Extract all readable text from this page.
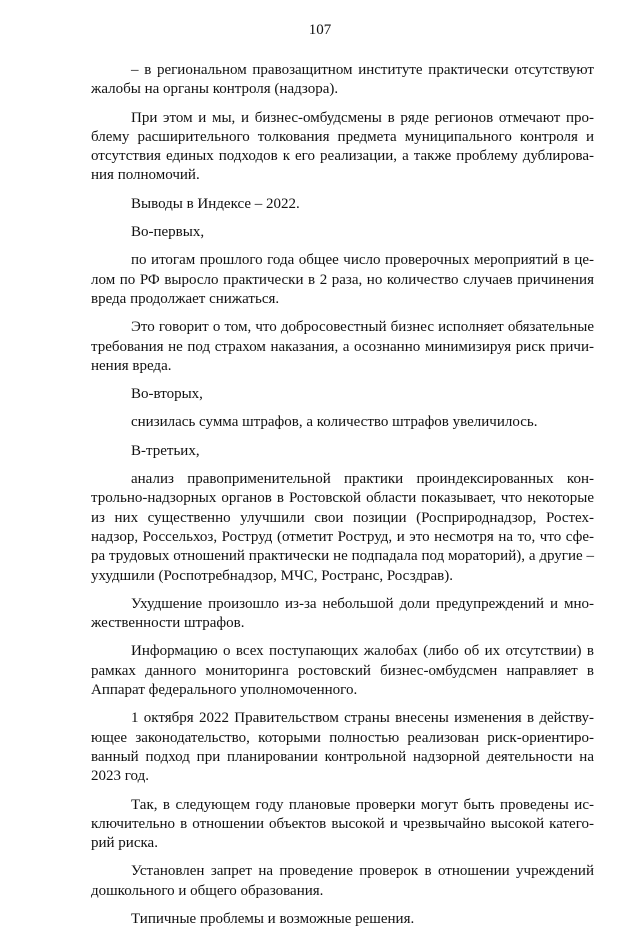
107

– в региональном правозащитном институте практически отсутствуют жалобы на органы контроля (надзора).

При этом и мы, и бизнес-омбудсмены в ряде регионов отмечают проблему расширительного толкования предмета муниципального контроля и отсутствия единых подходов к его реализации, а также проблему дублирования полномочий.

Выводы в Индексе – 2022.

Во-первых,

по итогам прошлого года общее число проверочных мероприятий в целом по РФ выросло практически в 2 раза, но количество случаев причинения вреда продолжает снижаться.

Это говорит о том, что добросовестный бизнес исполняет обязательные требования не под страхом наказания, а осознанно минимизируя риск причинения вреда.

Во-вторых,

снизилась сумма штрафов, а количество штрафов увеличилось.

В-третьих,

анализ правоприменительной практики проиндексированных контрольно-надзорных органов в Ростовской области показывает, что некоторые из них существенно улучшили свои позиции (Росприроднадзор, Ростехнадзор, Россельхоз, Роструд (отметит Роструд, и это несмотря на то, что сфера трудовых отношений практически не подпадала под мораторий), а другие – ухудшили (Роспотребнадзор, МЧС, Ространс, Росздрав).

Ухудшение произошло из-за небольшой доли предупреждений и множественности штрафов.

Информацию о всех поступающих жалобах (либо об их отсутствии) в рамках данного мониторинга ростовский бизнес-омбудсмен направляет в Аппарат федерального уполномоченного.

1 октября 2022 Правительством страны внесены изменения в действующее законодательство, которыми полностью реализован риск-ориентированный подход при планировании контрольной надзорной деятельности на 2023 год.

Так, в следующем году плановые проверки могут быть проведены исключительно в отношении объектов высокой и чрезвычайно высокой категорий риска.

Установлен запрет на проведение проверок в отношении учреждений дошкольного и общего образования.

Типичные проблемы и возможные решения.
